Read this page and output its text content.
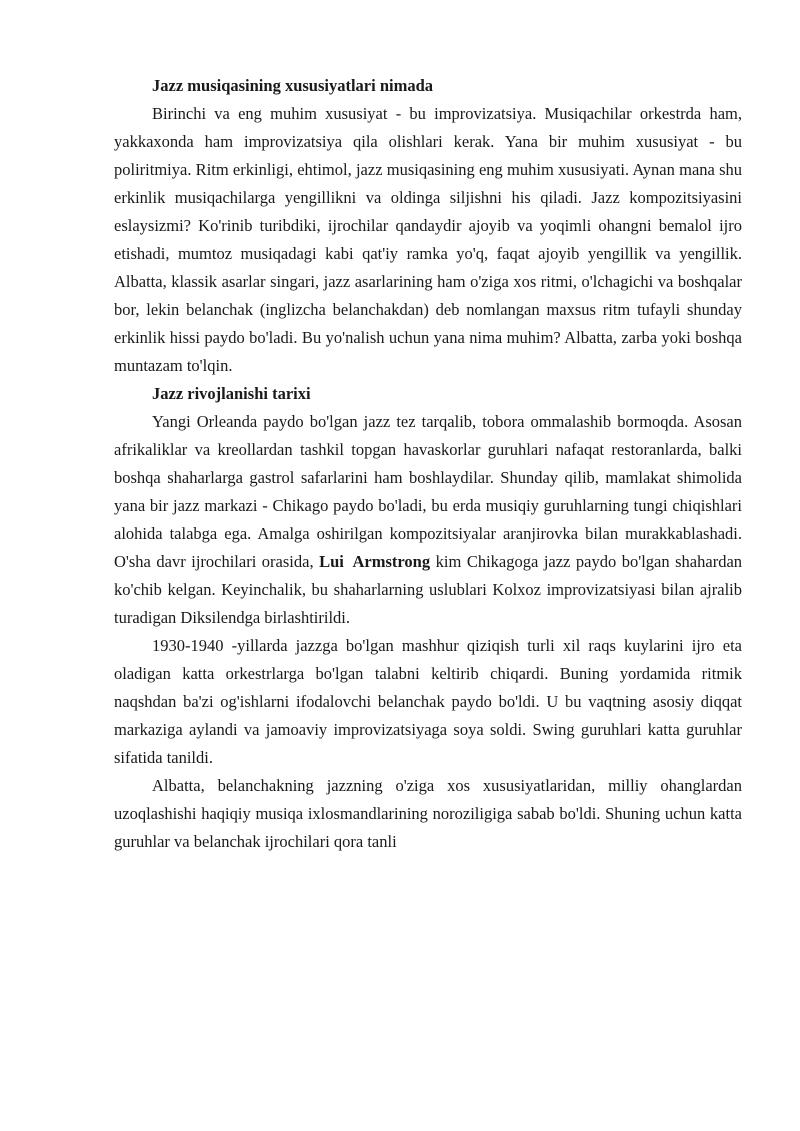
Jazz musiqasining xususiyatlari nimada

Birinchi va eng muhim xususiyat - bu improvizatsiya. Musiqachilar orkestrda ham, yakkaxonda ham improvizatsiya qila olishlari kerak. Yana bir muhim xususiyat - bu poliritmiya. Ritm erkinligi, ehtimol, jazz musiqasining eng muhim xususiyati. Aynan mana shu erkinlik musiqachilarga yengillikni va oldinga siljishni his qiladi. Jazz kompozitsiyasini eslaysizmi? Ko'rinib turibdiki, ijrochilar qandaydir ajoyib va yoqimli ohangni bemalol ijro etishadi, mumtoz musiqadagi kabi qat'iy ramka yo'q, faqat ajoyib yengillik va yengillik. Albatta, klassik asarlar singari, jazz asarlarining ham o'ziga xos ritmi, o'lchagichi va boshqalar bor, lekin belanchak (inglizcha belanchakdan) deb nomlangan maxsus ritm tufayli shunday erkinlik hissi paydo bo'ladi. Bu yo'nalish uchun yana nima muhim? Albatta, zarba yoki boshqa muntazam to'lqin.

Jazz rivojlanishi tarixi

Yangi Orleanda paydo bo'lgan jazz tez tarqalib, tobora ommalashib bormoqda. Asosan afrikaliklar va kreollardan tashkil topgan havaskorlar guruhlari nafaqat restoranlarda, balki boshqa shaharlarga gastrol safarlarini ham boshlaydilar. Shunday qilib, mamlakat shimolida yana bir jazz markazi - Chikago paydo bo'ladi, bu erda musiqiy guruhlarning tungi chiqishlari alohida talabga ega. Amalga oshirilgan kompozitsiyalar aranjirovka bilan murakkablashadi. O'sha davr ijrochilari orasida, Lui Armstrong kim Chikagoga jazz paydo bo'lgan shahardan ko'chib kelgan. Keyinchalik, bu shaharlarning uslublari Kolxoz improvizatsiyasi bilan ajralib turadigan Diksilendga birlashtirildi.

1930-1940 -yillarda jazzga bo'lgan mashhur qiziqish turli xil raqs kuylarini ijro eta oladigan katta orkestrlarga bo'lgan talabni keltirib chiqardi. Buning yordamida ritmik naqshdan ba'zi og'ishlarni ifodalovchi belanchak paydo bo'ldi. U bu vaqtning asosiy diqqat markaziga aylandi va jamoaviy improvizatsiyaga soya soldi. Swing guruhlari katta guruhlar sifatida tanildi.

Albatta, belanchakning jazzning o'ziga xos xususiyatlaridan, milliy ohanglardan uzoqlashishi haqiqiy musiqa ixlosmandlarining noroziligiga sabab bo'ldi. Shuning uchun katta guruhlar va belanchak ijrochilari qora tanli
